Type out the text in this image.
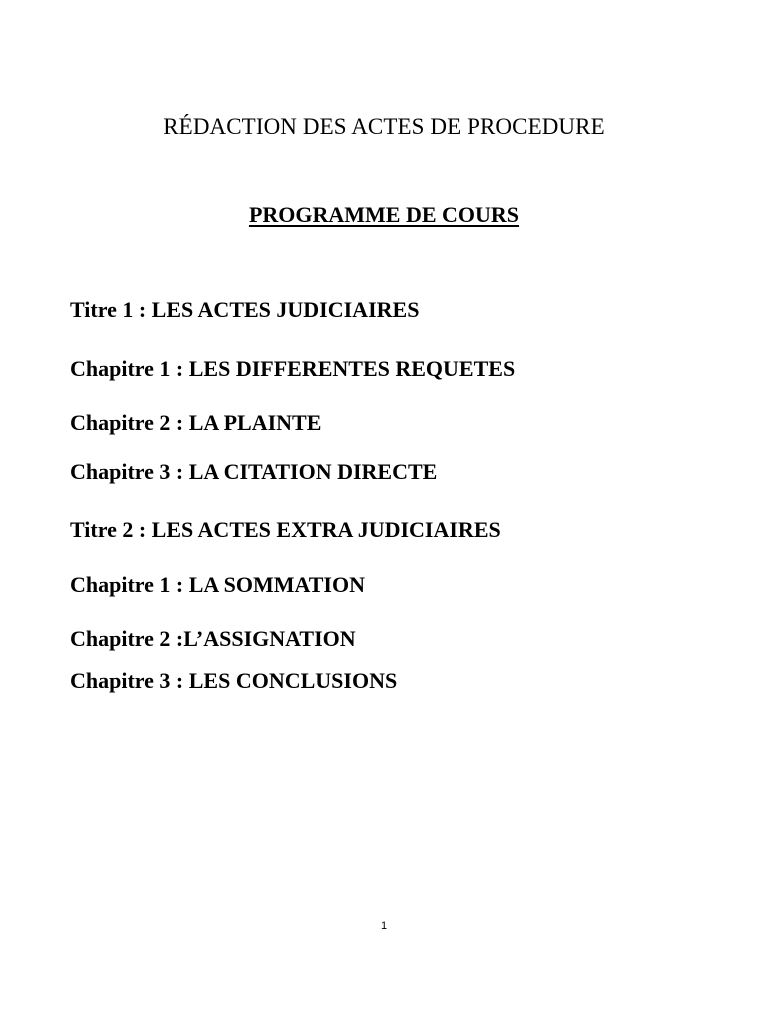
RÉDACTION DES ACTES DE PROCEDURE
PROGRAMME DE COURS
Titre 1 : LES ACTES JUDICIAIRES
Chapitre 1 : LES DIFFERENTES REQUETES
Chapitre 2 : LA PLAINTE
Chapitre 3 : LA CITATION DIRECTE
Titre 2 : LES ACTES EXTRA JUDICIAIRES
Chapitre 1 : LA SOMMATION
Chapitre 2 :L’ASSIGNATION
Chapitre 3 : LES CONCLUSIONS
1
